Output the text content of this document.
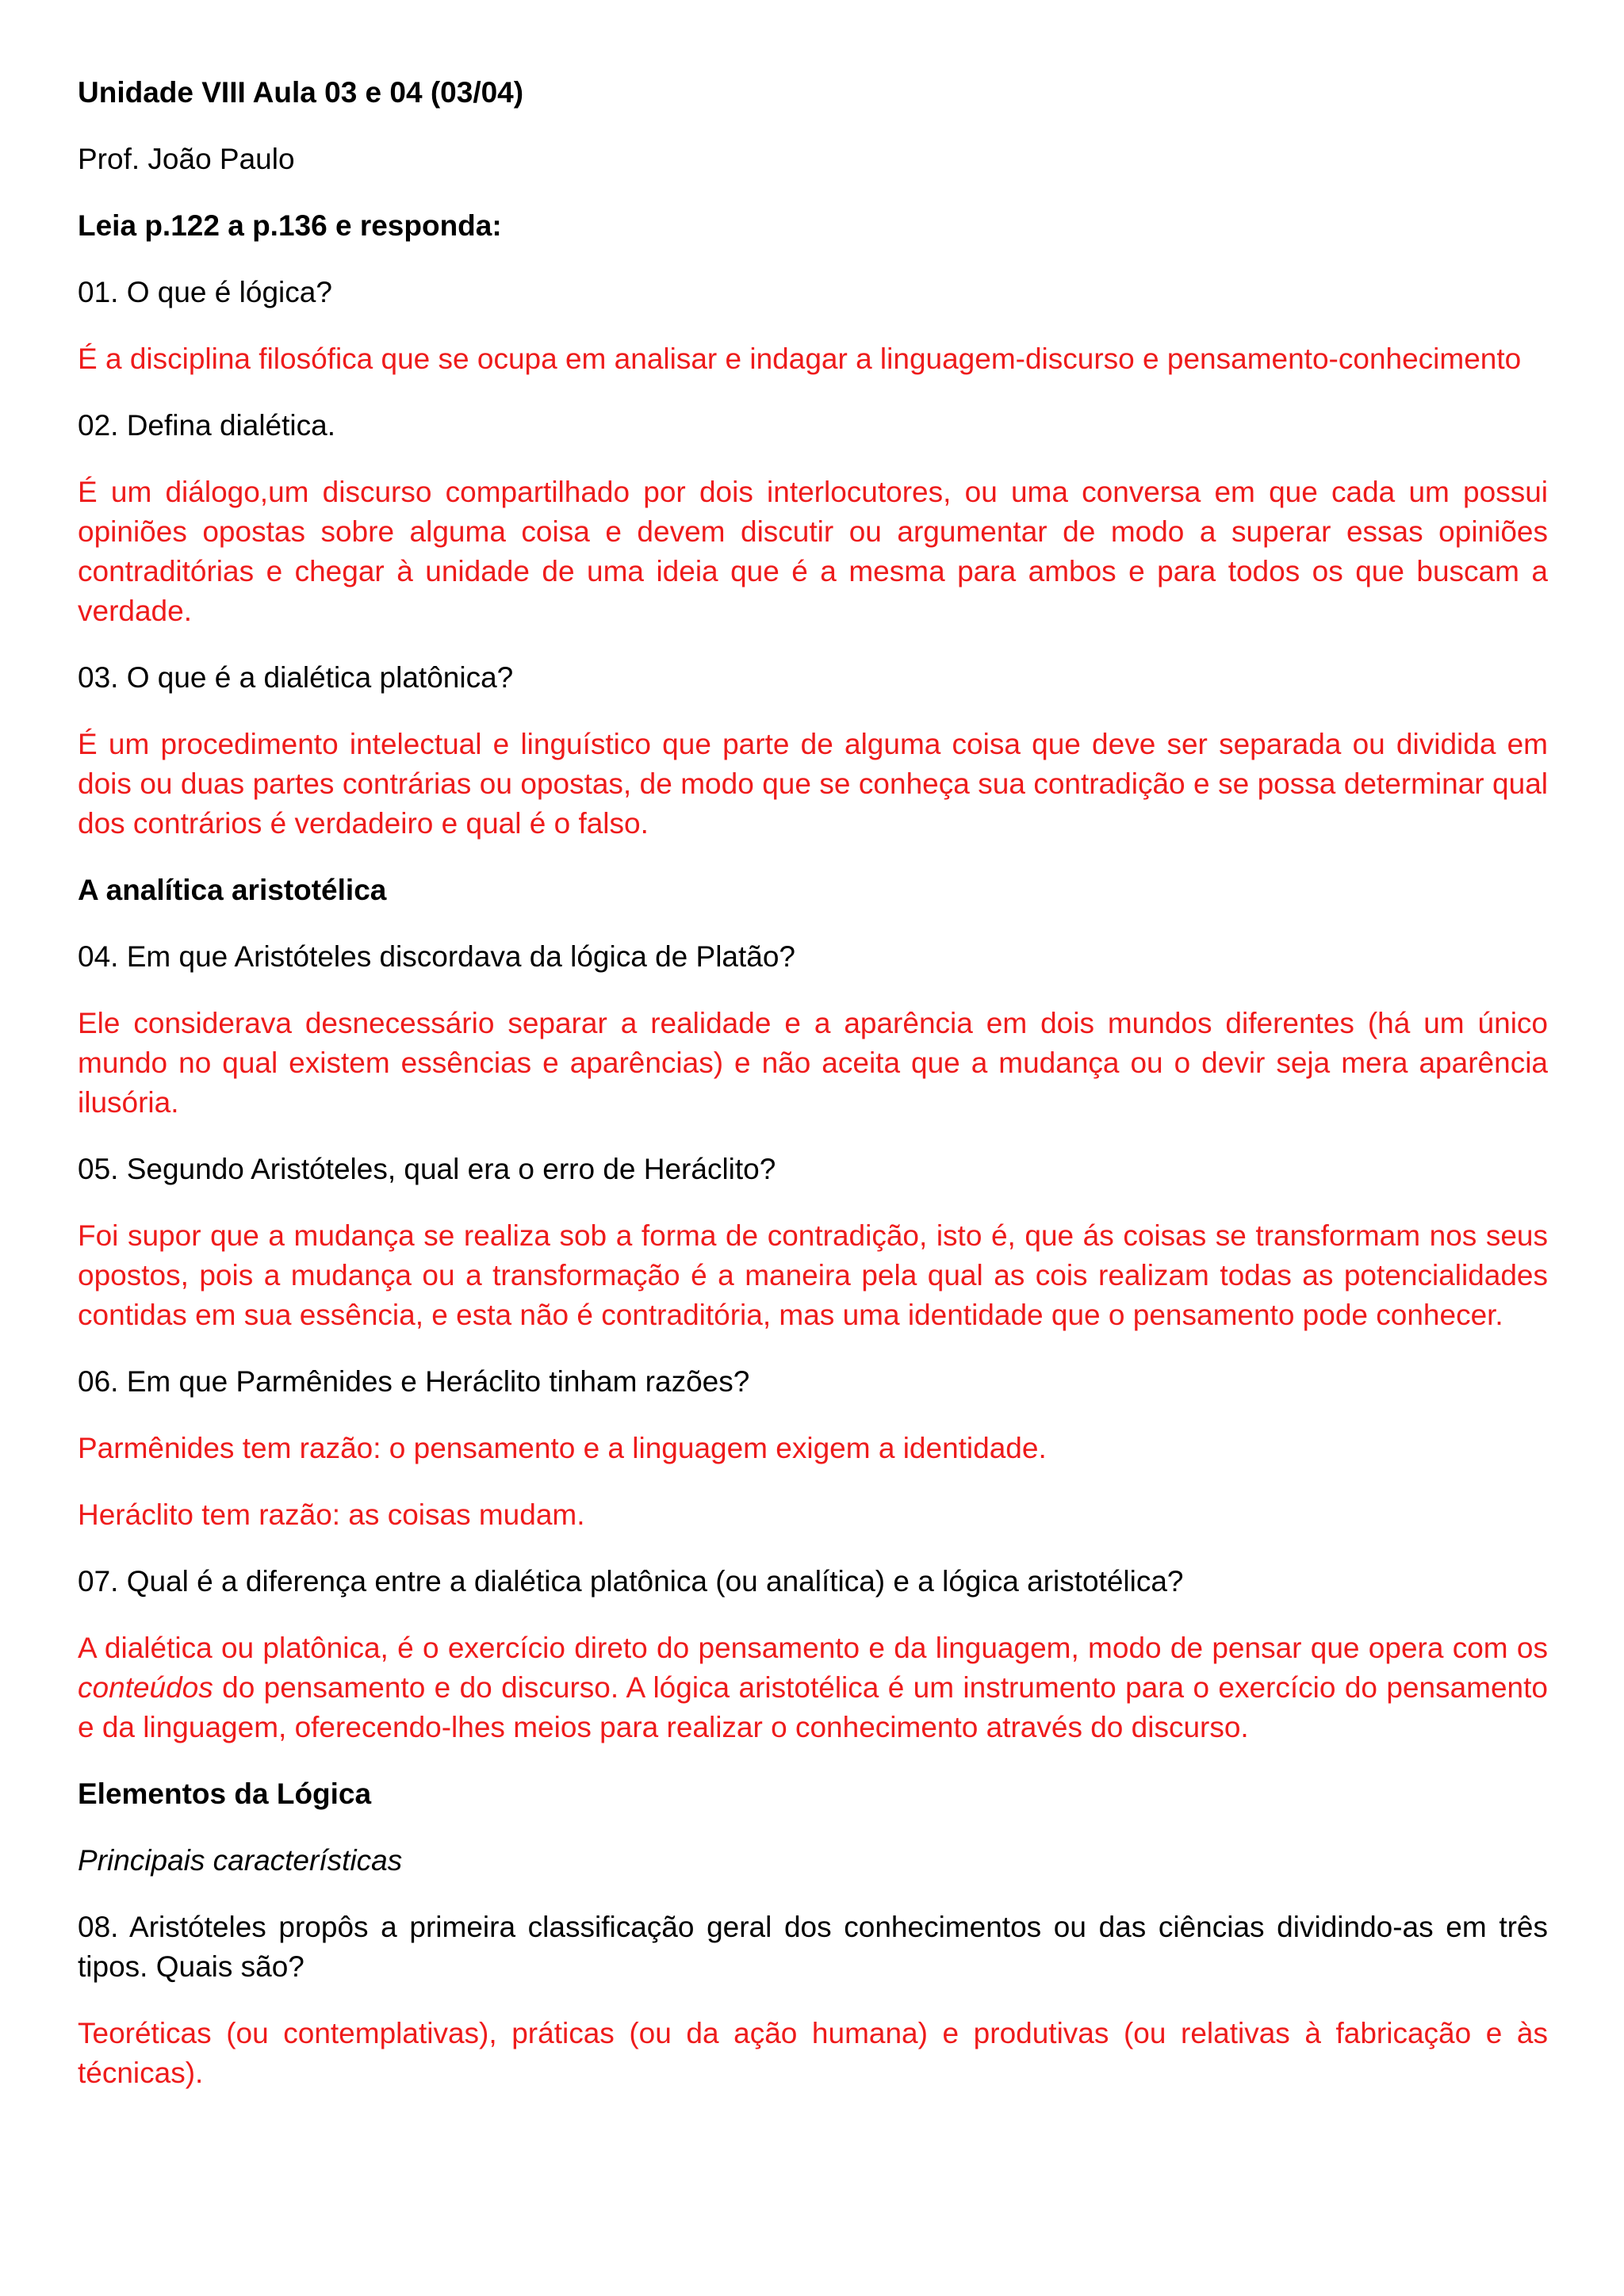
Unidade VIII Aula 03 e 04 (03/04)

Prof. João Paulo

Leia p.122 a p.136 e responda:

01. O que é lógica?

É a disciplina filosófica que se ocupa em analisar e indagar a linguagem-discurso e pensamento-conhecimento

02. Defina dialética.

É um diálogo,um discurso compartilhado por dois interlocutores, ou uma conversa em que cada um possui opiniões opostas sobre alguma coisa e devem discutir ou argumentar de modo a superar essas opiniões contraditórias e chegar à unidade de uma ideia que é a mesma para ambos e para todos os que buscam a verdade.

03. O que é a dialética platônica?

É um procedimento intelectual e linguístico que parte de alguma coisa que deve ser separada ou dividida em dois ou duas partes contrárias ou opostas, de modo que se conheça sua contradição e se possa determinar qual dos contrários é verdadeiro e qual é o falso.

A analítica aristotélica

04. Em que Aristóteles discordava da lógica de Platão?

Ele considerava desnecessário separar a realidade e a aparência em dois mundos diferentes (há um único mundo no qual existem essências e aparências) e não aceita que a mudança ou o devir seja mera aparência ilusória.

05. Segundo Aristóteles, qual era o erro de Heráclito?

Foi supor que a mudança se realiza sob a forma de contradição, isto é, que ás coisas se transformam nos seus opostos, pois a mudança ou a transformação é a maneira pela qual as cois realizam todas as potencialidades contidas em sua essência, e esta não é contraditória, mas uma identidade que o pensamento pode conhecer.

06. Em que Parmênides e Heráclito tinham razões?

Parmênides tem razão: o pensamento e a linguagem exigem a identidade.

Heráclito tem razão: as coisas mudam.

07. Qual é a diferença entre a dialética platônica (ou analítica) e a lógica aristotélica?

A dialética ou platônica, é o exercício direto do pensamento e da linguagem, modo de pensar que opera com os conteúdos do pensamento e do discurso. A lógica aristotélica é um instrumento para o exercício do pensamento e da linguagem, oferecendo-lhes meios para realizar o conhecimento através do discurso.

Elementos da Lógica

Principais características

08. Aristóteles propôs a primeira classificação geral dos conhecimentos ou das ciências dividindo-as em três tipos. Quais são?

Teoréticas (ou contemplativas), práticas (ou da ação humana) e produtivas (ou relativas à fabricação e às técnicas).
